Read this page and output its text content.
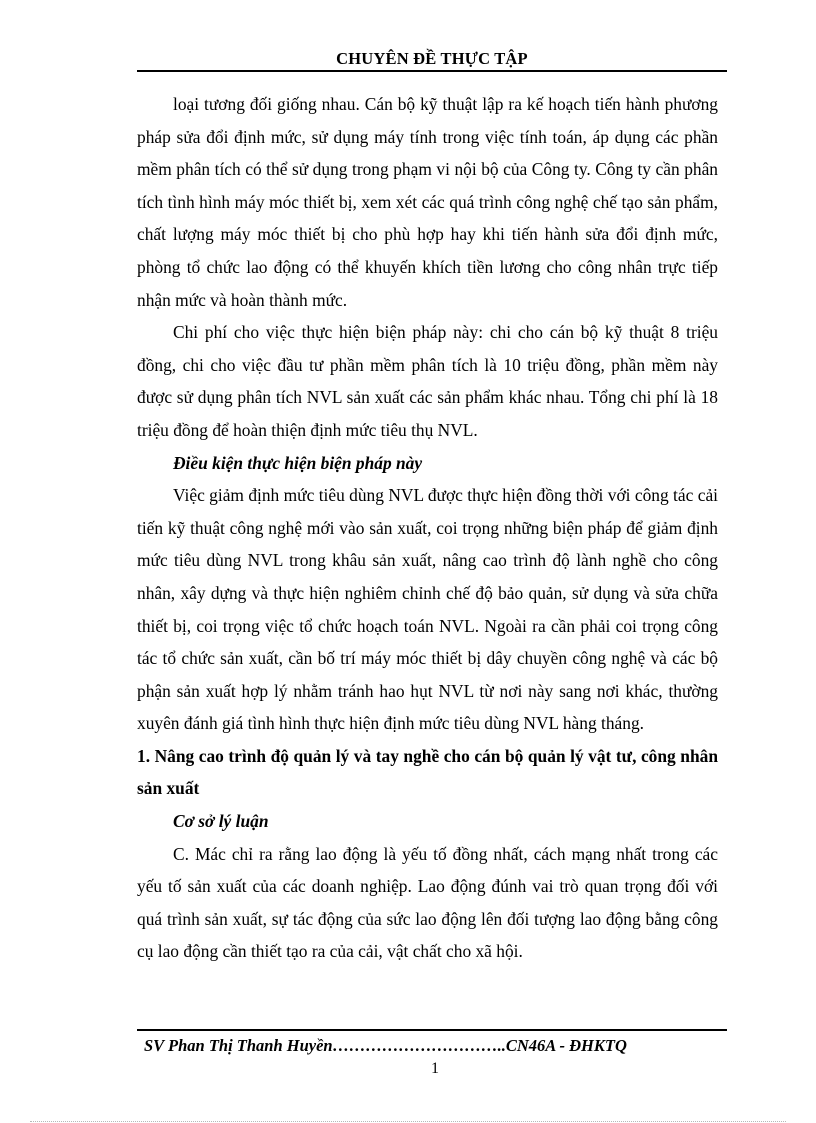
CHUYÊN ĐỀ THỰC TẬP

loại tương đối giống nhau. Cán bộ kỹ thuật lập ra kế hoạch tiến hành phương pháp sửa đổi định mức, sử dụng máy tính trong việc tính toán, áp dụng các phần mềm phân tích có thể sử dụng trong phạm vi nội bộ của Công ty. Công ty cần phân tích tình hình máy móc thiết bị, xem xét các quá trình công nghệ chế tạo sản phẩm, chất lượng máy móc thiết bị cho phù hợp hay khi tiến hành sửa đổi định mức, phòng tổ chức lao động có thể khuyến khích tiền lương cho công nhân trực tiếp nhận mức và hoàn thành mức.

Chi phí cho việc thực hiện biện pháp này: chi cho cán bộ kỹ thuật 8 triệu đồng, chi cho việc đầu tư phần mềm phân tích là 10 triệu đồng, phần mềm này được sử dụng phân tích NVL sản xuất các sản phẩm khác nhau. Tổng chi phí là 18 triệu đồng để hoàn thiện định mức tiêu thụ NVL.

Điều kiện thực hiện biện pháp này

Việc giảm định mức tiêu dùng NVL được thực hiện đồng thời với công tác cải tiến kỹ thuật công nghệ mới vào sản xuất, coi trọng những biện pháp để giảm định mức tiêu dùng NVL trong khâu sản xuất, nâng cao trình độ lành nghề cho công nhân, xây dựng và thực hiện nghiêm chỉnh chế độ bảo quản, sử dụng và sửa chữa thiết bị, coi trọng việc tổ chức hoạch toán NVL. Ngoài ra cần phải coi trọng công tác tổ chức sản xuất, cần bố trí máy móc thiết bị dây chuyền công nghệ và các bộ phận sản xuất hợp lý nhằm tránh hao hụt NVL từ nơi này sang nơi khác, thường xuyên đánh giá tình hình thực hiện định mức tiêu dùng NVL hàng tháng.

1. Nâng cao trình độ quản lý và tay nghề cho cán bộ quản lý vật tư, công nhân sản xuất

Cơ sở lý luận

C. Mác chỉ ra rằng lao động là yếu tố đồng nhất, cách mạng nhất trong các yếu tố sản xuất của các doanh nghiệp. Lao động đúnh vai trò quan trọng đối với quá trình sản xuất, sự tác động của sức lao động lên đối tượng lao động bằng công cụ lao động cần thiết tạo ra của cải, vật chất cho xã hội.

SV Phan Thị Thanh Huyền…………………………..CN46A - ĐHKTQ
1
